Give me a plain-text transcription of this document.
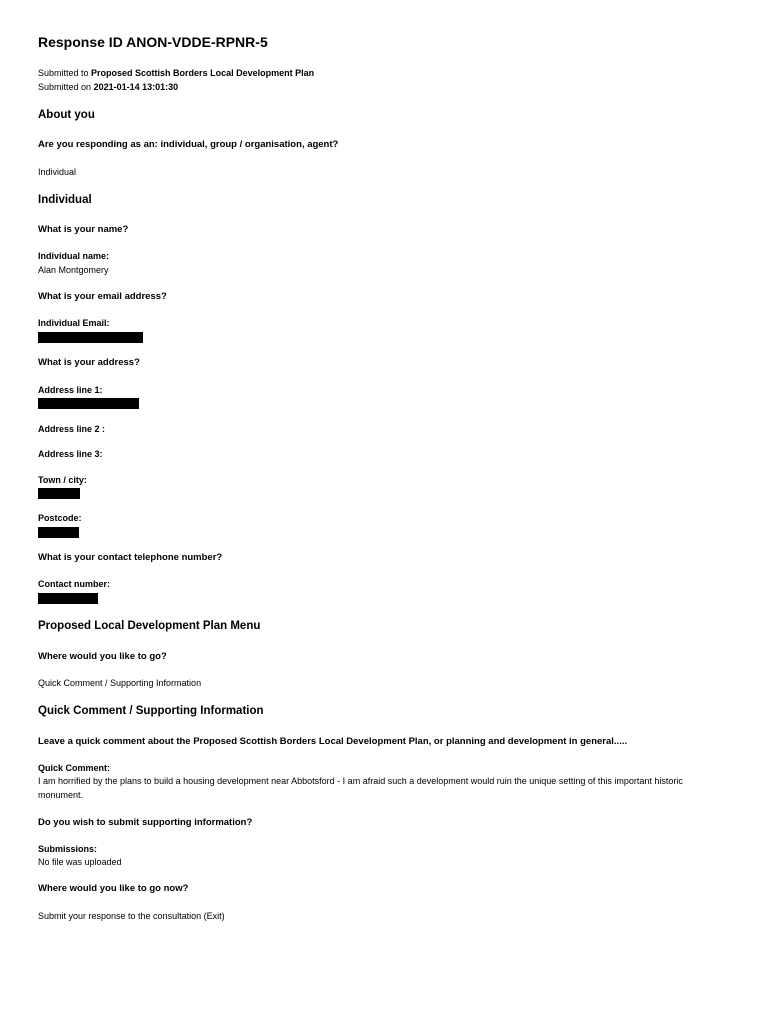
Response ID ANON-VDDE-RPNR-5
Submitted to Proposed Scottish Borders Local Development Plan
Submitted on 2021-01-14 13:01:30
About you
Are you responding as an: individual, group / organisation, agent?
Individual
Individual
What is your name?
Individual name:
Alan Montgomery
What is your email address?
Individual Email:
What is your address?
Address line 1:
Address line 2 :
Address line 3:
Town / city:
Postcode:
What is your contact telephone number?
Contact number:
Proposed Local Development Plan Menu
Where would you like to go?
Quick Comment / Supporting Information
Quick Comment / Supporting Information
Leave a quick comment about the Proposed Scottish Borders Local Development Plan, or planning and development in general.....
Quick Comment:
I am horrified by the plans to build a housing development near Abbotsford - I am afraid such a development would ruin the unique setting of this important historic monument.
Do you wish to submit supporting information?
Submissions:
No file was uploaded
Where would you like to go now?
Submit your response to the consultation (Exit)
